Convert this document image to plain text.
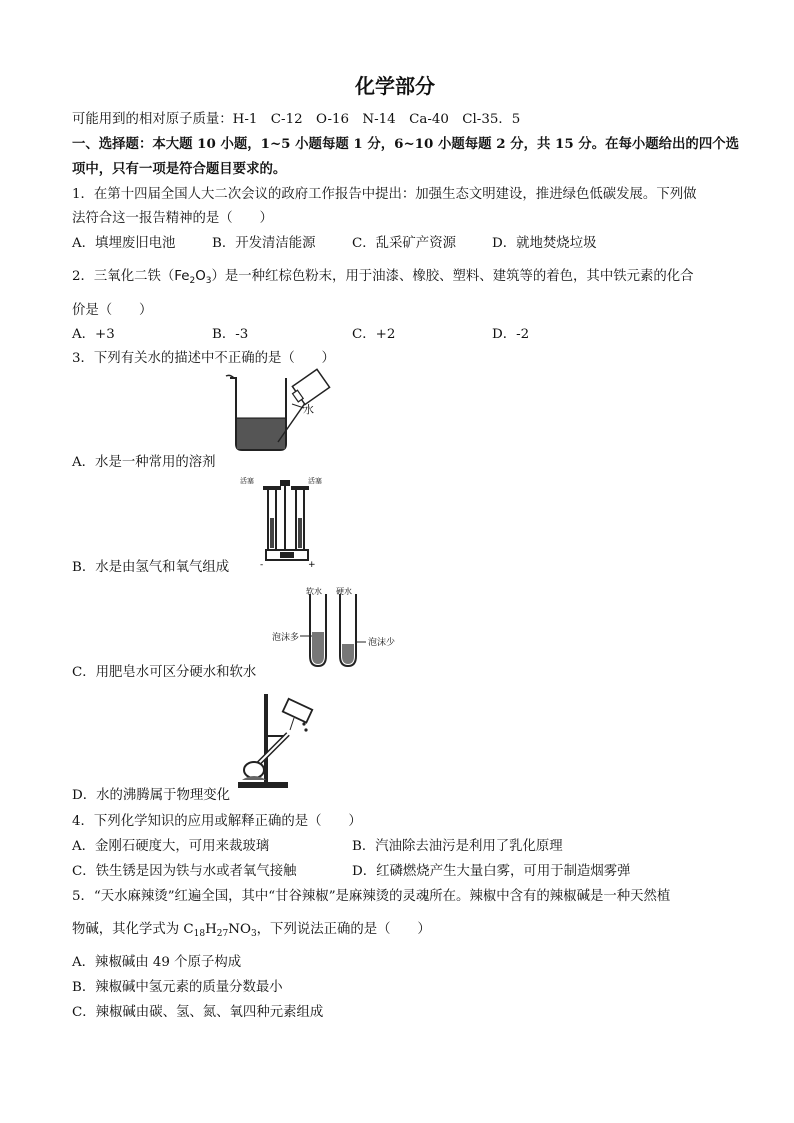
化学部分
可能用到的相对原子质量：H-1　C-12　O-16　N-14　Ca-40　Cl-35．5
一、选择题：本大题 10 小题，1~5 小题每题 1 分，6~10 小题每题 2 分，共 15 分。在每小题给出的四个选
项中，只有一项是符合题目要求的。
1．在第十四届全国人大二次会议的政府工作报告中提出：加强生态文明建设，推进绿色低碳发展。下列做
法符合这一报告精神的是（　　）
A．填埋废旧电池	B．开发清洁能源	C．乱采矿产资源	D．就地焚烧垃圾
2．三氧化二铁$(Fe_2O_3)$是一种红棕色粉末，用于油漆、橡胶、塑料、建筑等的着色，其中铁元素的化合
价是（　　）
A．+3	B．-3	C．+2	D．-2
3．下列有关水的描述中不正确的是（　　）
水
A．水是一种常用的溶剂
-	+
活塞	活塞
B．水是由氢气和氧气组成
软水 硬水
泡沫多	泡沫少
C．用肥皂水可区分硬水和软水
D．水的沸腾属于物理变化
4．下列化学知识的应用或解释正确的是（　　）
A．金刚石硬度大，可用来裁玻璃	B．汽油除去油污是利用了乳化原理
C．铁生锈是因为铁与水或者氧气接触	D．红磷燃烧产生大量白雾，可用于制造烟雾弹
5．“天水麻辣烫”红遍全国，其中“甘谷辣椒”是麻辣烫的灵魂所在。辣椒中含有的辣椒碱是一种天然植
物碱，其化学式为 $C_{18}H_{27}NO_3$，下列说法正确的是（　　）
A．辣椒碱由 49 个原子构成
B．辣椒碱中氢元素的质量分数最小
C．辣椒碱由碳、氢、氮、氧四种元素组成
